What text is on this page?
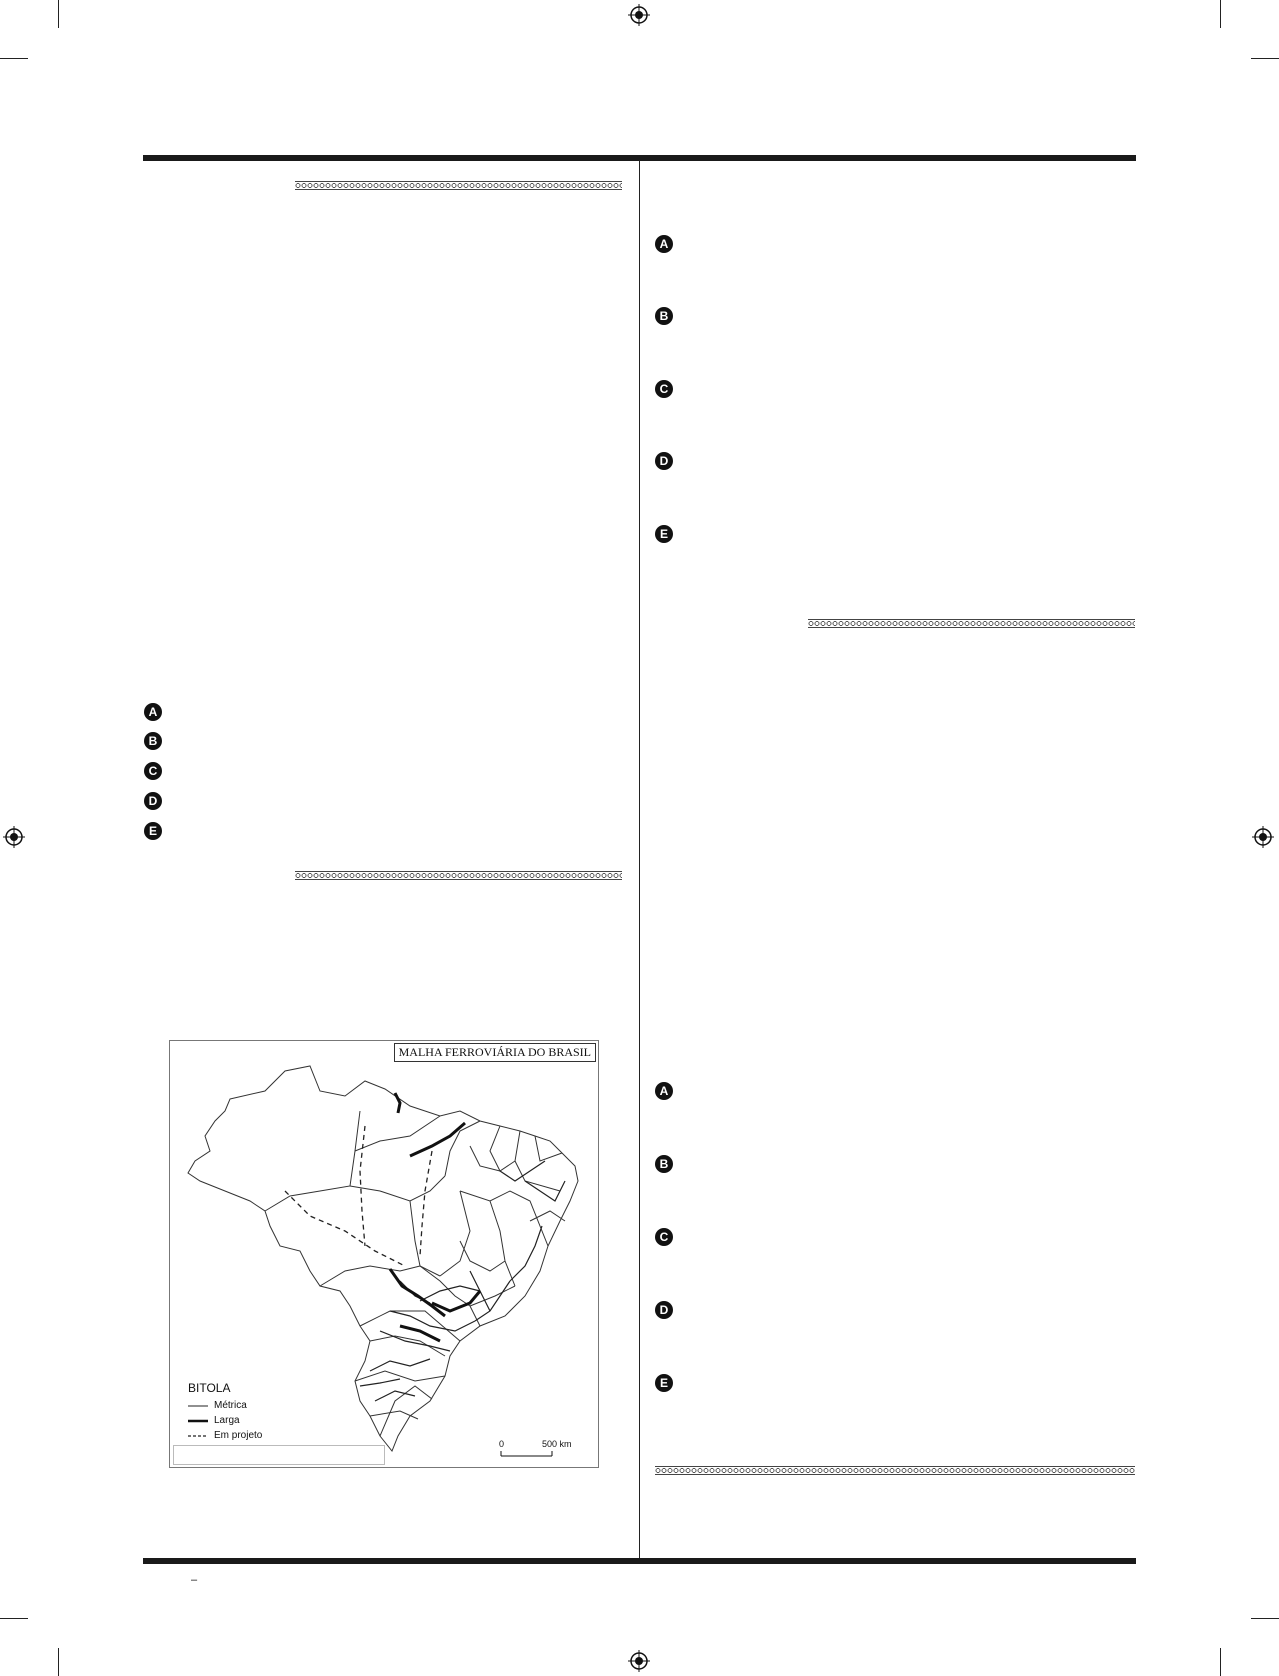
–
A
B
C
D
E
MALHA FERROVIÁRIA DO BRASIL
BITOLA
Métrica
Larga
Em projeto
0	500 km
A
B
C
D
E
A
B
C
D
E
